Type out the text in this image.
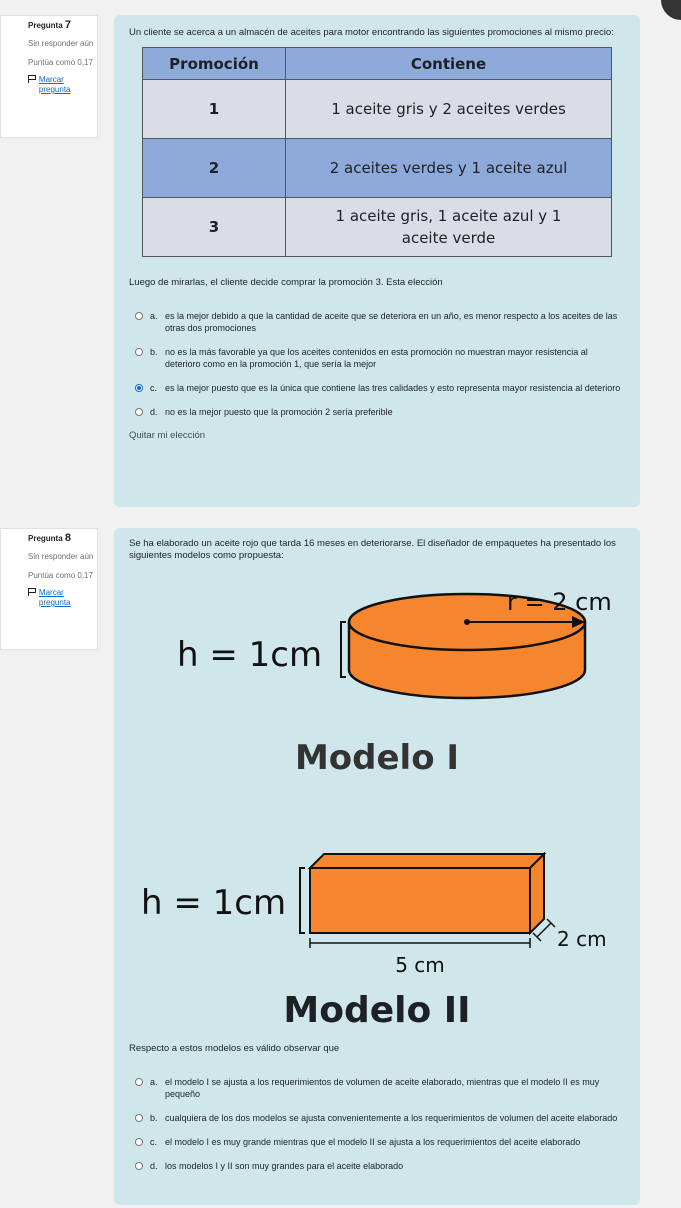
Pregunta 7
Sin responder aún
Puntúa como 0,17
Marcar pregunta
Un cliente se acerca a un almacén de aceites para motor encontrando las siguientes promociones al mismo precio:
Promoción	Contiene
1	1 aceite gris y 2 aceites verdes
2	2 aceites verdes y 1 aceite azul
3	1 aceite gris, 1 aceite azul y 1 aceite verde
Luego de mirarlas, el cliente decide comprar la promoción 3. Esta elección
a. es la mejor debido a que la cantidad de aceite que se deteriora en un año, es menor respecto a los aceites de las otras dos promociones
b. no es la más favorable ya que los aceites contenidos en esta promoción no muestran mayor resistencia al deterioro como en la promoción 1, que sería la mejor
c. es la mejor puesto que es la única que contiene las tres calidades y esto representa mayor resistencia al deterioro
d. no es la mejor puesto que la promoción 2 sería preferible
Quitar mi elección
Pregunta 8
Sin responder aún
Puntúa como 0,17
Marcar pregunta
Se ha elaborado un aceite rojo que tarda 16 meses en deteriorarse. El diseñador de empaquetes ha presentado los siguientes modelos como propuesta:
r = 2 cm
h = 1cm
Modelo I
h = 1cm
5 cm
2 cm
Modelo II
Respecto a estos modelos es válido observar que
a. el modelo I se ajusta a los requerimientos de volumen de aceite elaborado, mientras que el modelo II es muy pequeño
b. cualquiera de los dos modelos se ajusta convenientemente a los requerimientos de volumen del aceite elaborado
c. el modelo I es muy grande mientras que el modelo II se ajusta a los requerimientos del aceite elaborado
d. los modelos I y II son muy grandes para el aceite elaborado
